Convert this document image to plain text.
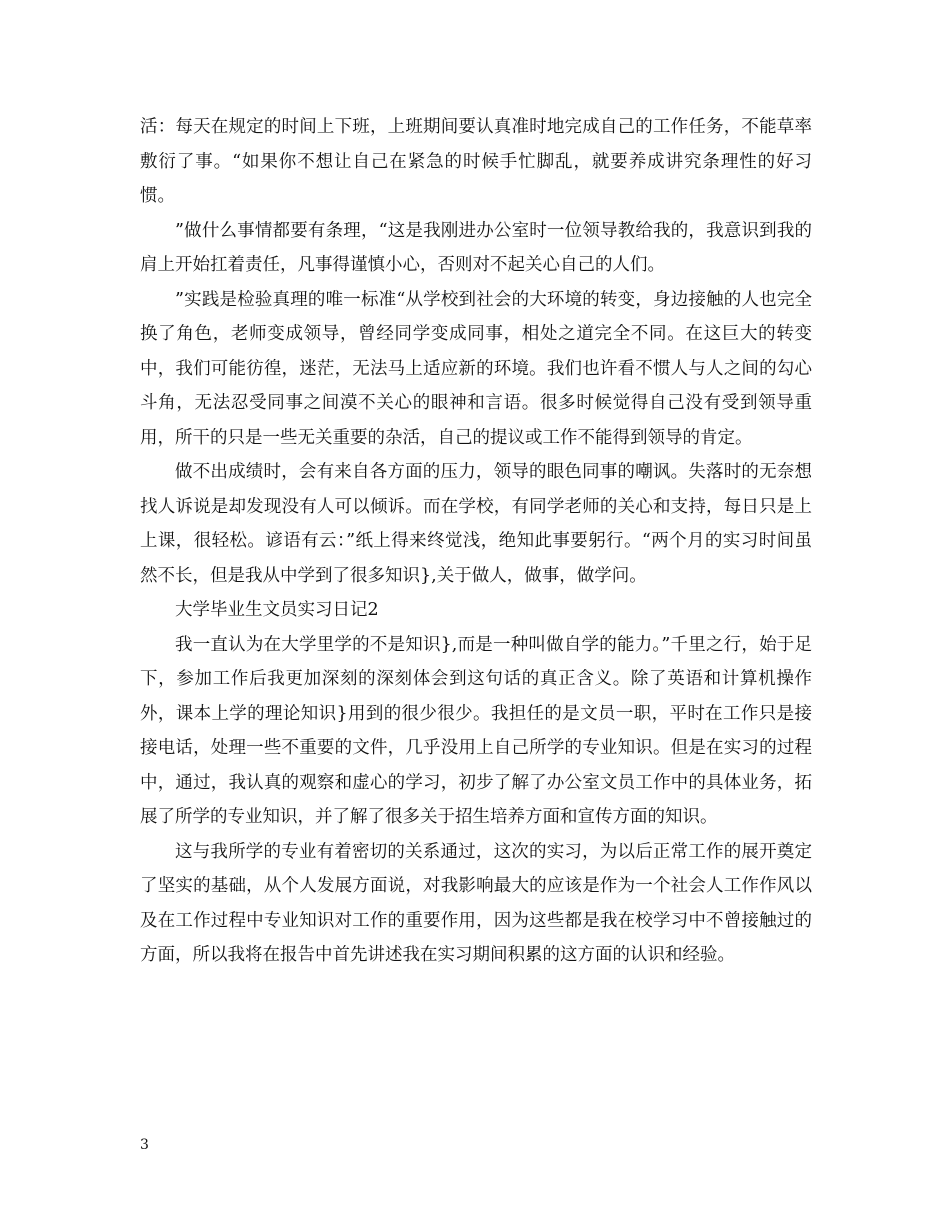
活：每天在规定的时间上下班，上班期间要认真准时地完成自己的工作任务，不能草率敷衍了事。“如果你不想让自己在紧急的时候手忙脚乱，就要养成讲究条理性的好习惯。

”做什么事情都要有条理，“这是我刚进办公室时一位领导教给我的，我意识到我的肩上开始扛着责任，凡事得谨慎小心，否则对不起关心自己的人们。

”实践是检验真理的唯一标准“从学校到社会的大环境的转变，身边接触的人也完全换了角色，老师变成领导，曾经同学变成同事，相处之道完全不同。在这巨大的转变中，我们可能彷徨，迷茫，无法马上适应新的环境。我们也许看不惯人与人之间的勾心斗角，无法忍受同事之间漠不关心的眼神和言语。很多时候觉得自己没有受到领导重用，所干的只是一些无关重要的杂活，自己的提议或工作不能得到领导的肯定。

做不出成绩时，会有来自各方面的压力，领导的眼色同事的嘲讽。失落时的无奈想找人诉说是却发现没有人可以倾诉。而在学校，有同学老师的关心和支持，每日只是上上课，很轻松。谚语有云：”纸上得来终觉浅，绝知此事要躬行。“两个月的实习时间虽然不长，但是我从中学到了很多知识},关于做人，做事，做学问。

大学毕业生文员实习日记2

我一直认为在大学里学的不是知识},而是一种叫做自学的能力。”千里之行，始于足下，参加工作后我更加深刻的深刻体会到这句话的真正含义。除了英语和计算机操作外，课本上学的理论知识}用到的很少很少。我担任的是文员一职，平时在工作只是接接电话，处理一些不重要的文件，几乎没用上自己所学的专业知识。但是在实习的过程中，通过，我认真的观察和虚心的学习，初步了解了办公室文员工作中的具体业务，拓展了所学的专业知识，并了解了很多关于招生培养方面和宣传方面的知识。

这与我所学的专业有着密切的关系通过，这次的实习，为以后正常工作的展开奠定了坚实的基础，从个人发展方面说，对我影响最大的应该是作为一个社会人工作作风以及在工作过程中专业知识对工作的重要作用，因为这些都是我在校学习中不曾接触过的方面，所以我将在报告中首先讲述我在实习期间积累的这方面的认识和经验。

3
